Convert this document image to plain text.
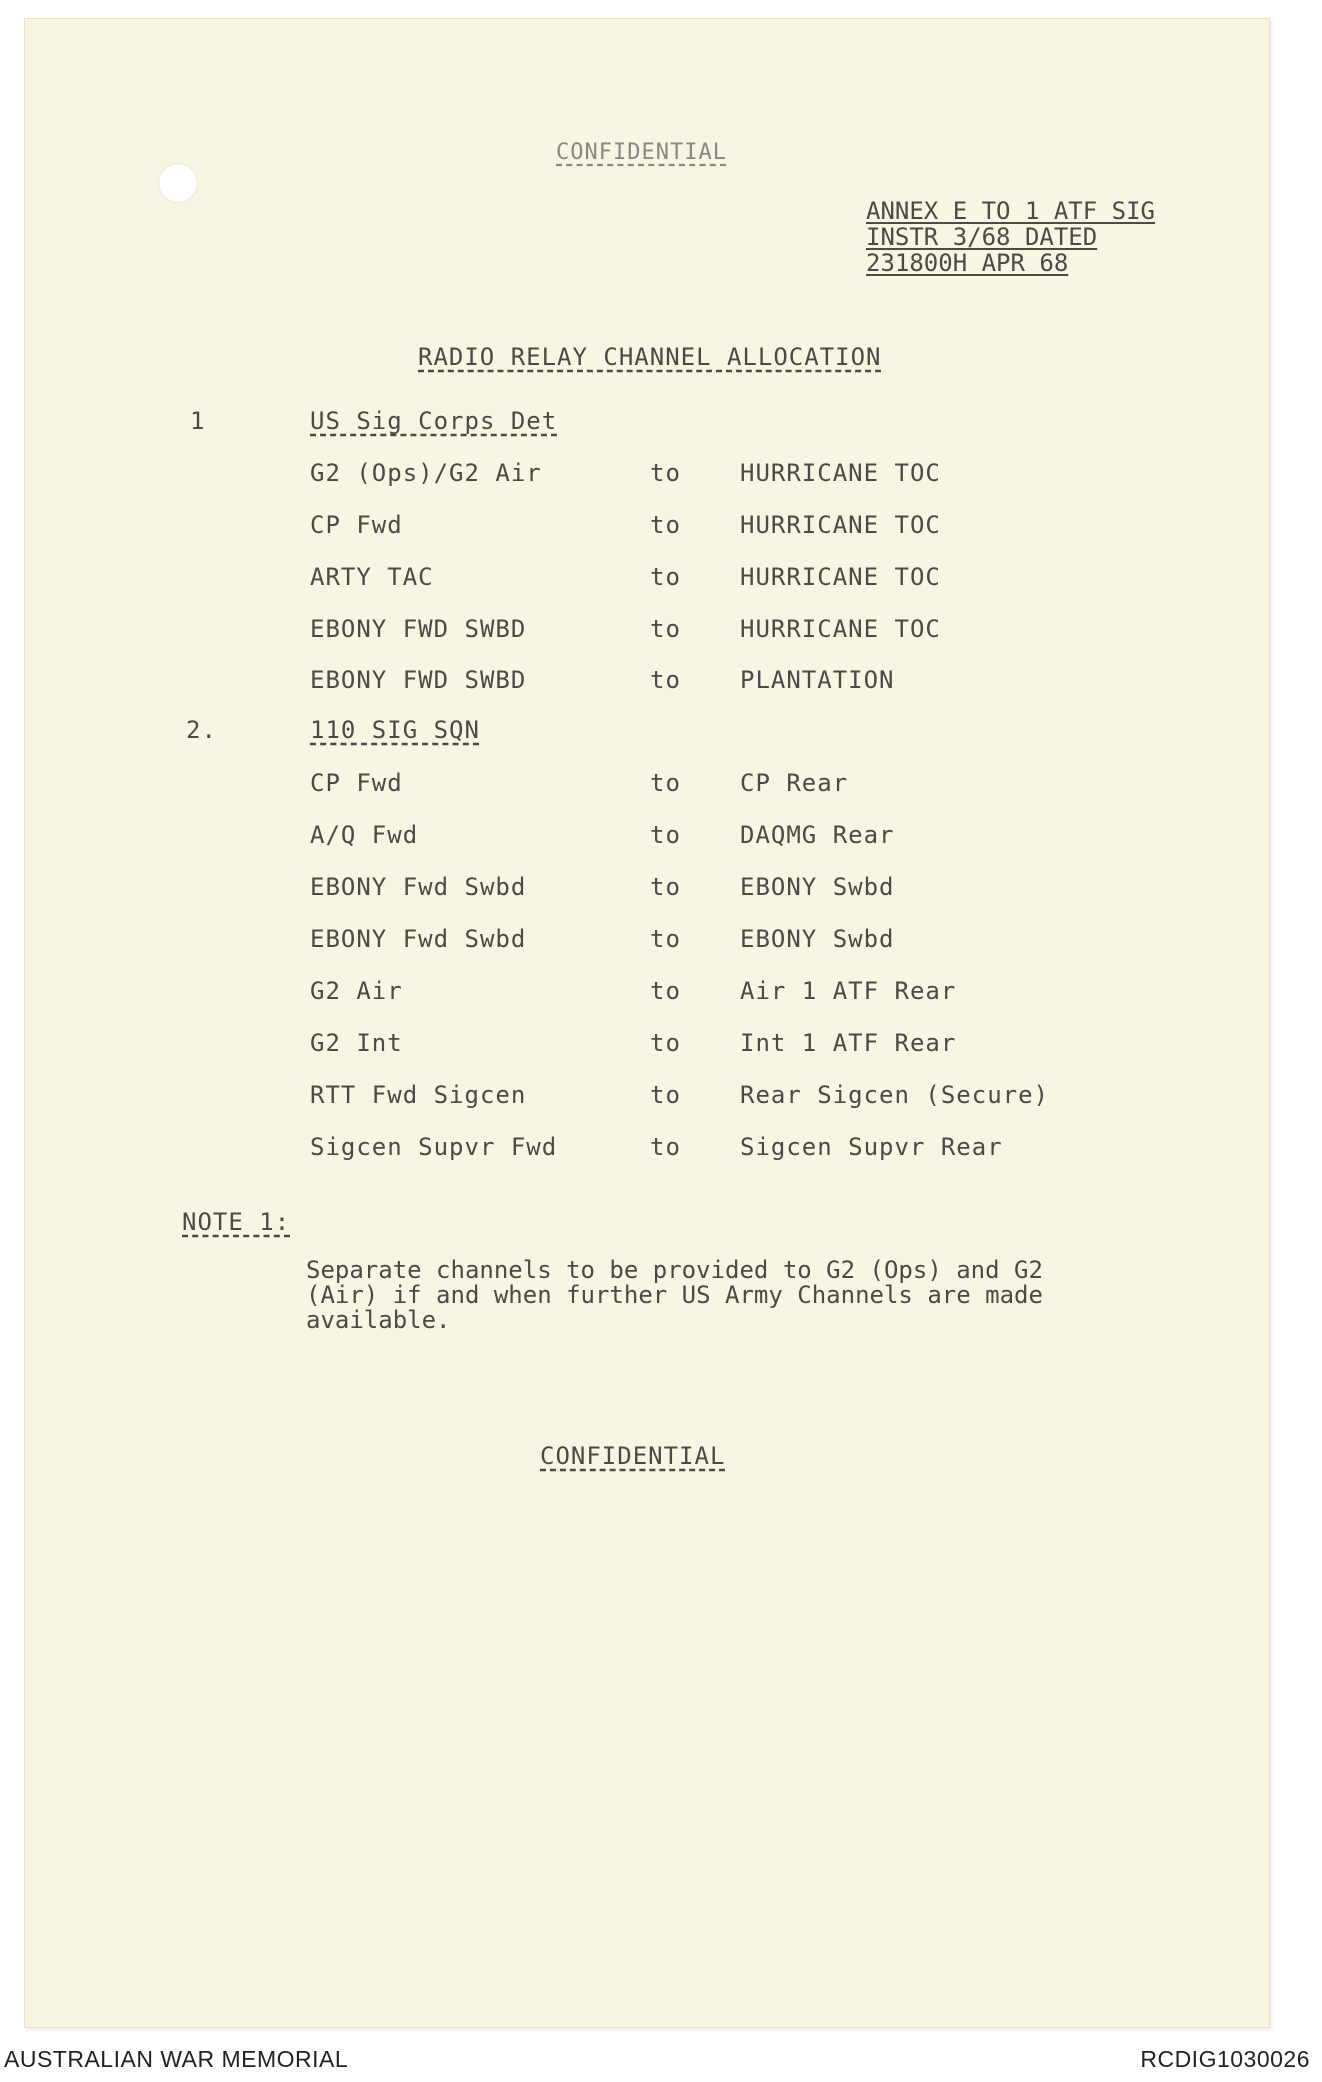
CONFIDENTIAL
ANNEX E TO 1 ATF SIG
INSTR 3/68 DATED
231800H APR 68
RADIO RELAY CHANNEL ALLOCATION
1	US Sig Corps Det
G2 (Ops)/G2 Air	to HURRICANE TOC
CP Fwd	to HURRICANE TOC
ARTY TAC	to HURRICANE TOC
EBONY FWD SWBD	to HURRICANE TOC
EBONY FWD SWBD	to PLANTATION
2.	110 SIG SQN
CP Fwd	to CP Rear
A/Q Fwd	to DAQMG Rear
EBONY Fwd Swbd	to EBONY Swbd
EBONY Fwd Swbd	to EBONY Swbd
G2 Air	to Air 1 ATF Rear
G2 Int	to Int 1 ATF Rear
RTT Fwd Sigcen	to Rear Sigcen (Secure)
Sigcen Supvr Fwd	to Sigcen Supvr Rear
NOTE 1:
Separate channels to be provided to G2 (Ops) and G2 (Air) if and when further US Army Channels are made available.
CONFIDENTIAL
AUSTRALIAN WAR MEMORIAL	RCDIG1030026
